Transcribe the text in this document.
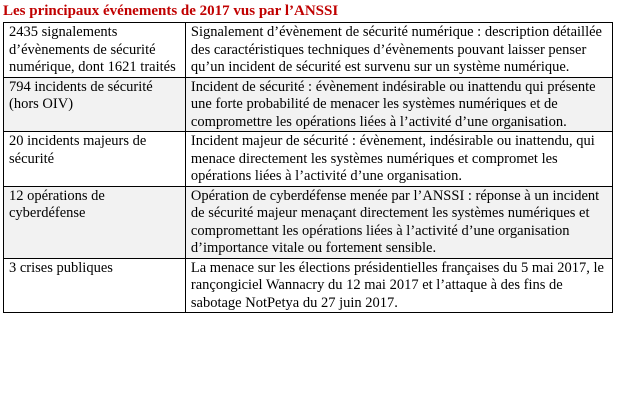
Les principaux événements de 2017 vus par l’ANSSI
2435 signalements d’évènements de sécurité numérique, dont 1621 traités	Signalement d’évènement de sécurité numérique : description détaillée des caractéristiques techniques d’évènements pouvant laisser penser qu’un incident de sécurité est survenu sur un système numérique.
794 incidents de sécurité (hors OIV)	Incident de sécurité : évènement indésirable ou inattendu qui présente une forte probabilité de menacer les systèmes numériques et de compromettre les opérations liées à l’activité d’une organisation.
20 incidents majeurs de sécurité	Incident majeur de sécurité : évènement, indésirable ou inattendu, qui menace directement les systèmes numériques et compromet les opérations liées à l’activité d’une organisation.
12 opérations de cyberdéfense	Opération de cyberdéfense menée par l’ANSSI : réponse à un incident de sécurité majeur menaçant directement les systèmes numériques et compromettant les opérations liées à l’activité d’une organisation d’importance vitale ou fortement sensible.
3 crises publiques	La menace sur les élections présidentielles françaises du 5 mai 2017, le rançongiciel Wannacry du 12 mai 2017 et l’attaque à des fins de sabotage NotPetya du 27 juin 2017.
